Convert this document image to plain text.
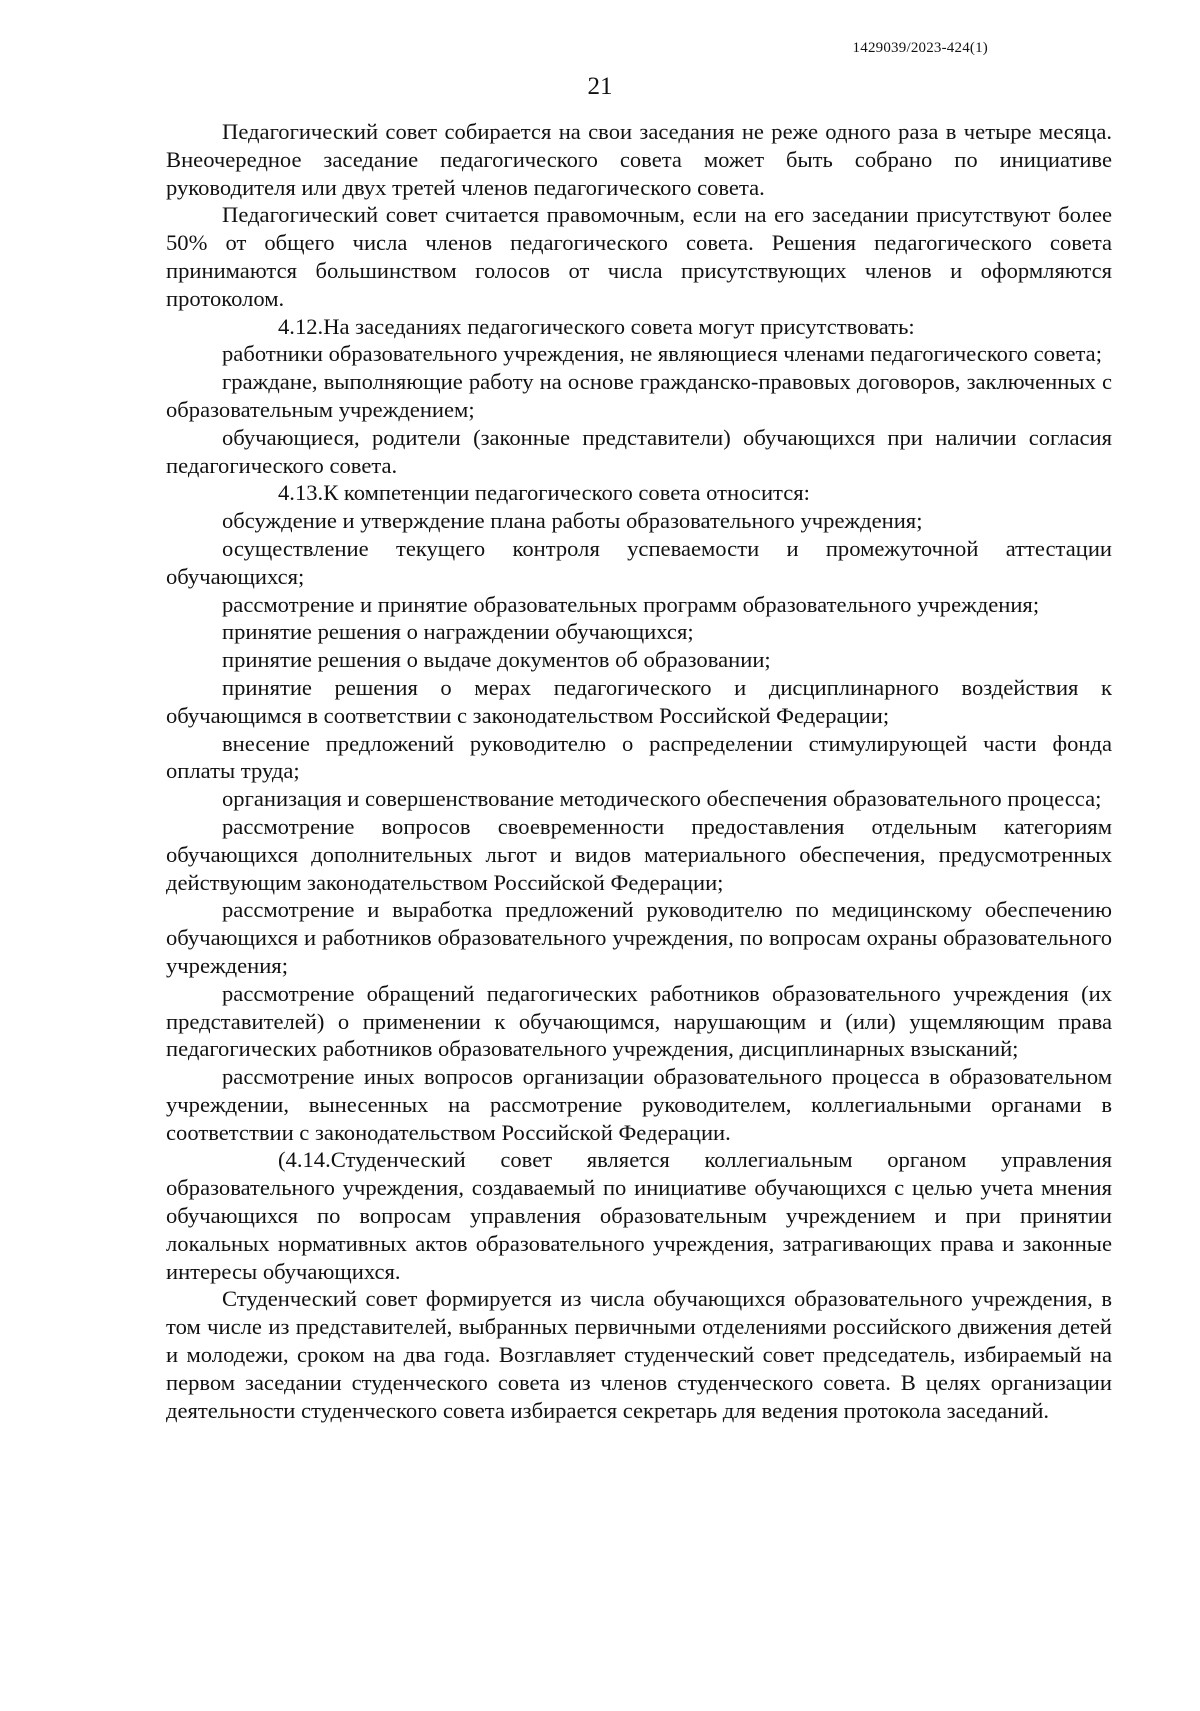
1429039/2023-424(1)
21

Педагогический совет собирается на свои заседания не реже одного раза в четыре месяца. Внеочередное заседание педагогического совета может быть собрано по инициативе руководителя или двух третей членов педагогического совета.

Педагогический совет считается правомочным, если на его заседании присутствуют более 50% от общего числа членов педагогического совета. Решения педагогического совета принимаются большинством голосов от числа присутствующих членов и оформляются протоколом.

4.12.На заседаниях педагогического совета могут присутствовать:

работники образовательного учреждения, не являющиеся членами педагогического совета;

граждане, выполняющие работу на основе гражданско-правовых договоров, заключенных с образовательным учреждением;

обучающиеся, родители (законные представители) обучающихся при наличии согласия педагогического совета.

4.13.К компетенции педагогического совета относится:

обсуждение и утверждение плана работы образовательного учреждения;

осуществление текущего контроля успеваемости и промежуточной аттестации обучающихся;

рассмотрение и принятие образовательных программ образовательного учреждения;

принятие решения о награждении обучающихся;

принятие решения о выдаче документов об образовании;

принятие решения о мерах педагогического и дисциплинарного воздействия к обучающимся в соответствии с законодательством Российской Федерации;

внесение предложений руководителю о распределении стимулирующей части фонда оплаты труда;

организация и совершенствование методического обеспечения образовательного процесса;

рассмотрение вопросов своевременности предоставления отдельным категориям обучающихся дополнительных льгот и видов материального обеспечения, предусмотренных действующим законодательством Российской Федерации;

рассмотрение и выработка предложений руководителю по медицинскому обеспечению обучающихся и работников образовательного учреждения, по вопросам охраны образовательного учреждения;

рассмотрение обращений педагогических работников образовательного учреждения (их представителей) о применении к обучающимся, нарушающим и (или) ущемляющим права педагогических работников образовательного учреждения, дисциплинарных взысканий;

рассмотрение иных вопросов организации образовательного процесса в образовательном учреждении, вынесенных на рассмотрение руководителем, коллегиальными органами в соответствии с законодательством Российской Федерации.

(4.14.Студенческий совет является коллегиальным органом управления образовательного учреждения, создаваемый по инициативе обучающихся с целью учета мнения обучающихся по вопросам управления образовательным учреждением и при принятии локальных нормативных актов образовательного учреждения, затрагивающих права и законные интересы обучающихся.

Студенческий совет формируется из числа обучающихся образовательного учреждения, в том числе из представителей, выбранных первичными отделениями российского движения детей и молодежи, сроком на два года. Возглавляет студенческий совет председатель, избираемый на первом заседании студенческого совета из членов студенческого совета. В целях организации деятельности студенческого совета избирается секретарь для ведения протокола заседаний.
